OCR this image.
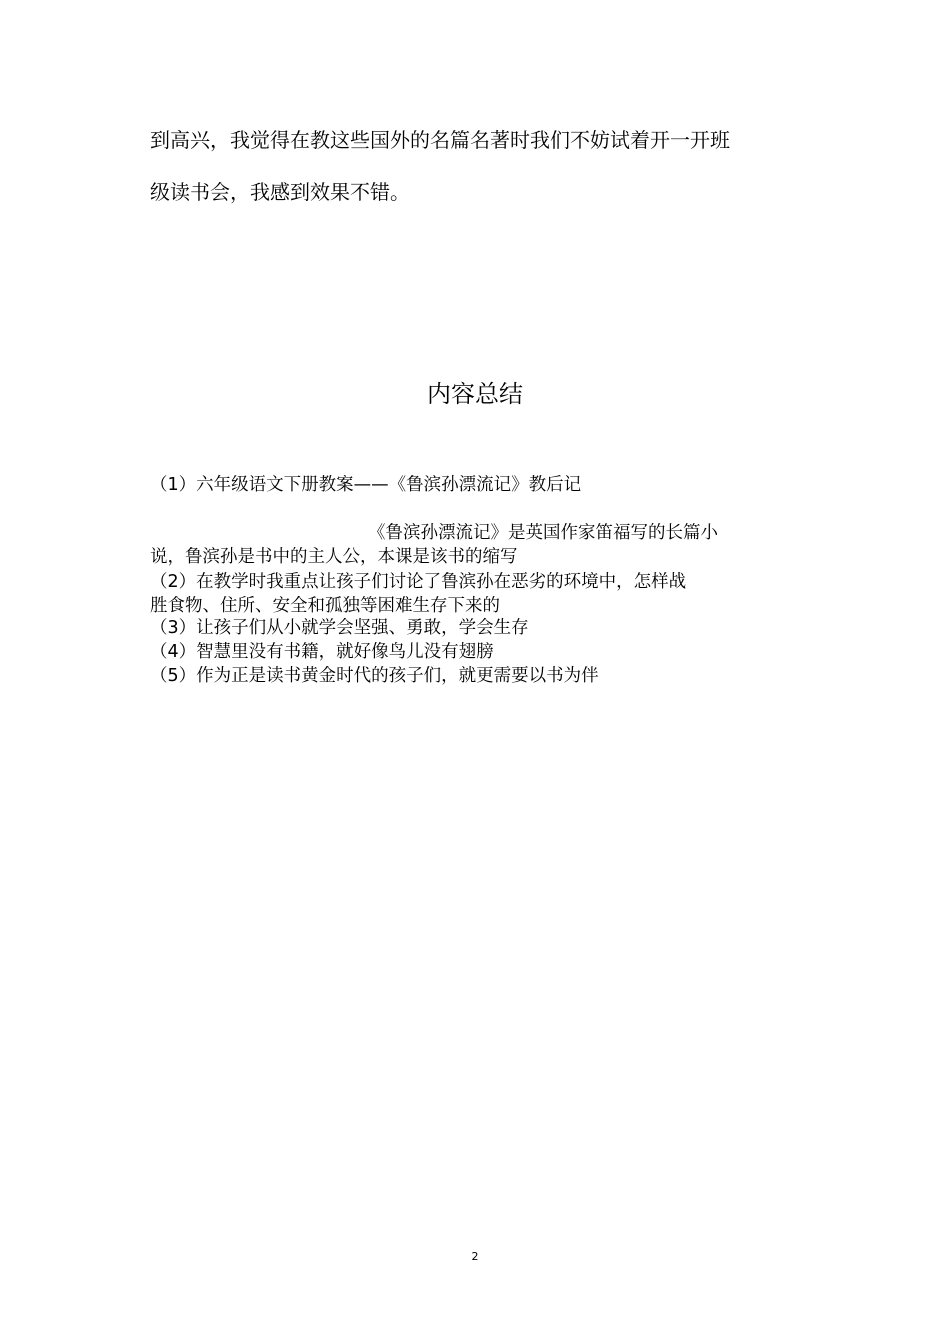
到高兴，我觉得在教这些国外的名篇名著时我们不妨试着开一开班

级读书会，我感到效果不错。

内容总结

（1）六年级语文下册教案——《鲁滨孙漂流记》教后记

《鲁滨孙漂流记》是英国作家笛福写的长篇小

说，鲁滨孙是书中的主人公，本课是该书的缩写

（2）在教学时我重点让孩子们讨论了鲁滨孙在恶劣的环境中，怎样战

胜食物、住所、安全和孤独等困难生存下来的

（3）让孩子们从小就学会坚强、勇敢，学会生存

（4）智慧里没有书籍，就好像鸟儿没有翅膀

（5）作为正是读书黄金时代的孩子们，就更需要以书为伴

2
